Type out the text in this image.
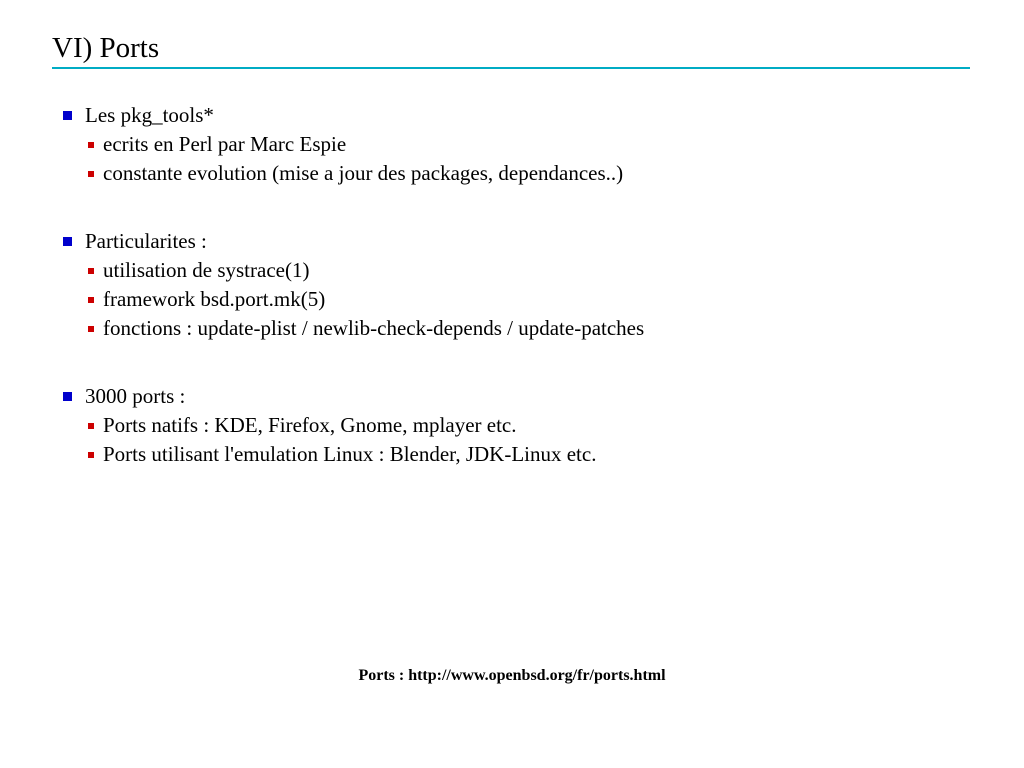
VI) Ports
Les pkg_tools*
ecrits en Perl par Marc Espie
constante evolution (mise a jour des packages, dependances..)
Particularites :
utilisation de systrace(1)
framework bsd.port.mk(5)
fonctions : update-plist / newlib-check-depends / update-patches
3000 ports :
Ports natifs : KDE, Firefox, Gnome, mplayer etc.
Ports utilisant l'emulation Linux : Blender, JDK-Linux etc.
Ports : http://www.openbsd.org/fr/ports.html
